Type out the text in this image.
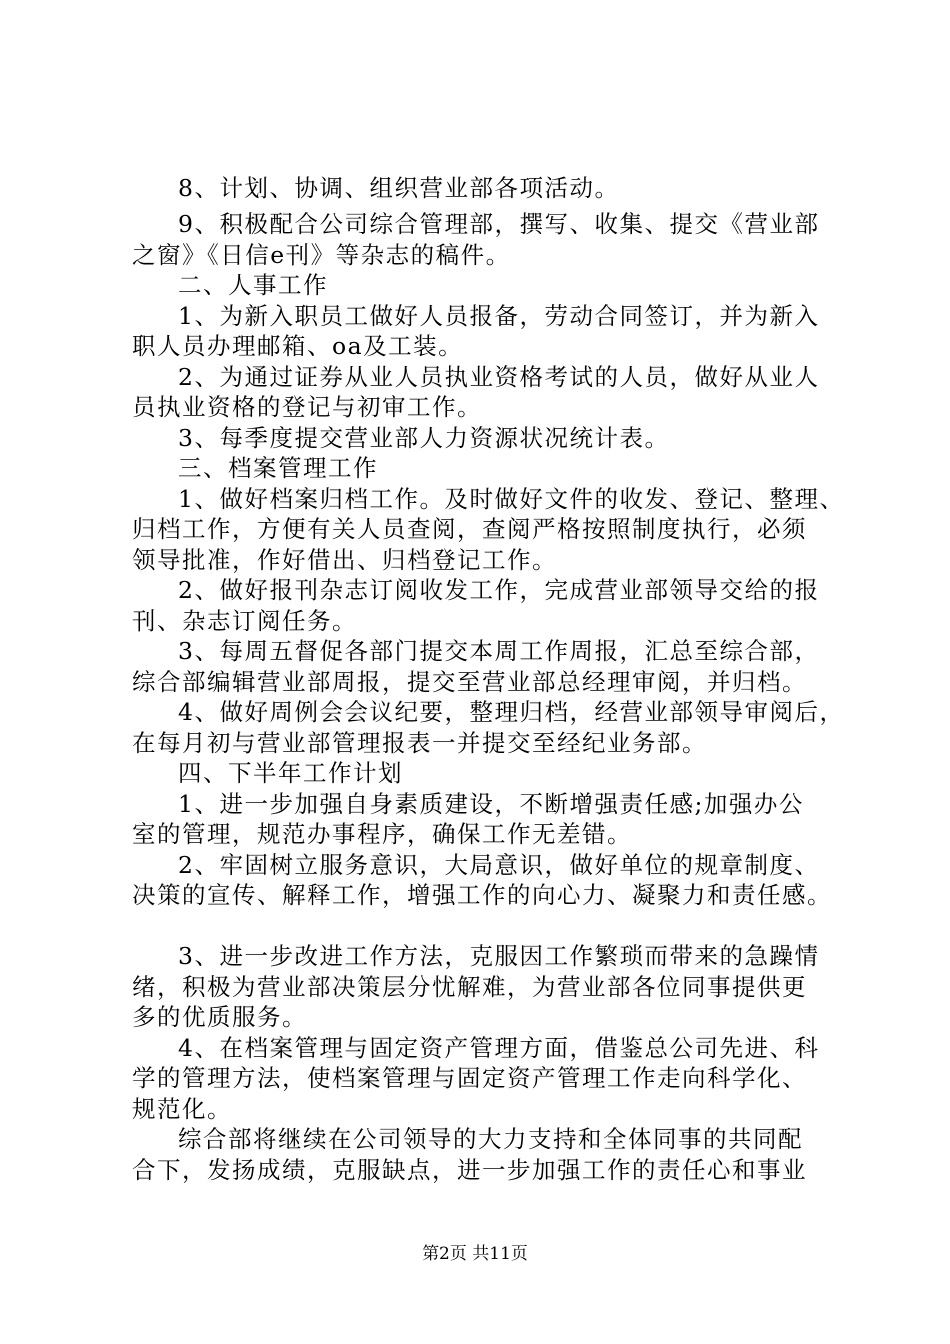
8、计划、协调、组织营业部各项活动。
9、积极配合公司综合管理部，撰写、收集、提交《营业部
之窗》《日信e刊》等杂志的稿件。
二、人事工作
1、为新入职员工做好人员报备，劳动合同签订，并为新入
职人员办理邮箱、oa及工装。
2、为通过证券从业人员执业资格考试的人员，做好从业人
员执业资格的登记与初审工作。
3、每季度提交营业部人力资源状况统计表。
三、档案管理工作
1、做好档案归档工作。及时做好文件的收发、登记、整理、
归档工作，方便有关人员查阅，查阅严格按照制度执行，必须
领导批准，作好借出、归档登记工作。
2、做好报刊杂志订阅收发工作，完成营业部领导交给的报
刊、杂志订阅任务。
3、每周五督促各部门提交本周工作周报，汇总至综合部，
综合部编辑营业部周报，提交至营业部总经理审阅，并归档。
4、做好周例会会议纪要，整理归档，经营业部领导审阅后，
在每月初与营业部管理报表一并提交至经纪业务部。
四、下半年工作计划
1、进一步加强自身素质建设，不断增强责任感;加强办公
室的管理，规范办事程序，确保工作无差错。
2、牢固树立服务意识，大局意识，做好单位的规章制度、
决策的宣传、解释工作，增强工作的向心力、凝聚力和责任感。
3、进一步改进工作方法，克服因工作繁琐而带来的急躁情
绪，积极为营业部决策层分忧解难，为营业部各位同事提供更
多的优质服务。
4、在档案管理与固定资产管理方面，借鉴总公司先进、科
学的管理方法，使档案管理与固定资产管理工作走向科学化、
规范化。
综合部将继续在公司领导的大力支持和全体同事的共同配
合下，发扬成绩，克服缺点，进一步加强工作的责任心和事业
第2页 共11页
